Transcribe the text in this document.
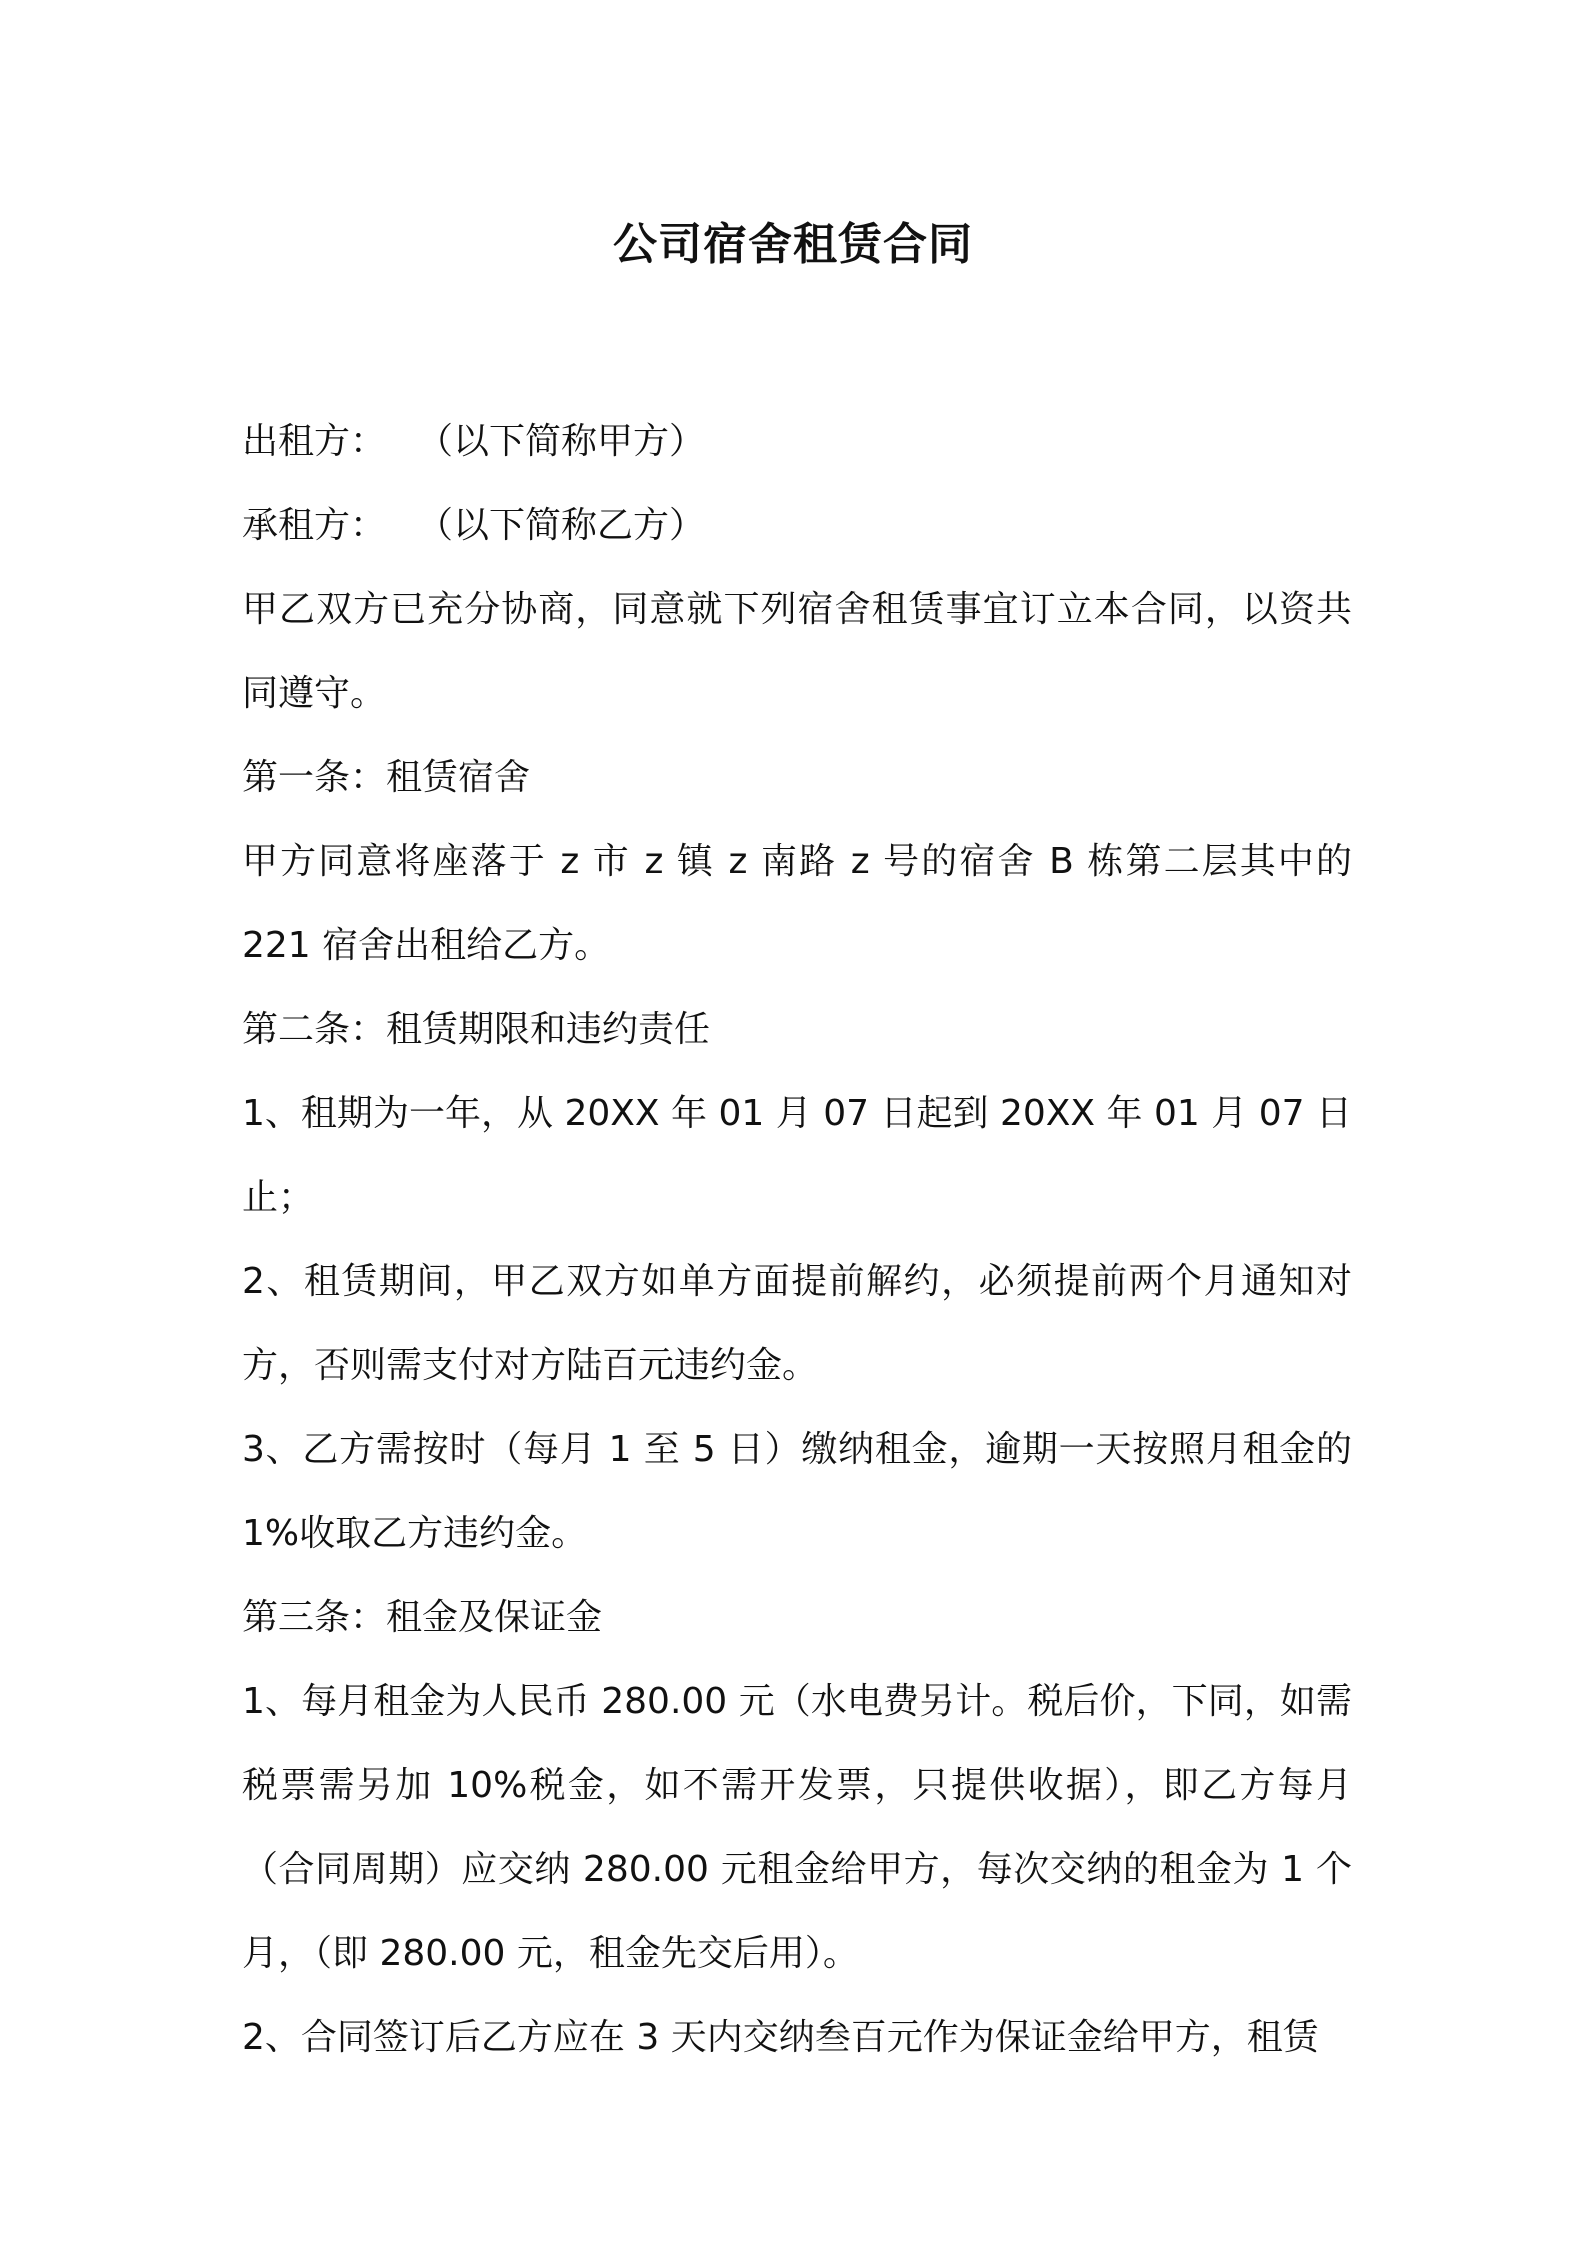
公司宿舍租赁合同

出租方： （以下简称甲方）

承租方： （以下简称乙方）

甲乙双方已充分协商，同意就下列宿舍租赁事宜订立本合同，以资共同遵守。

第一条：租赁宿舍

甲方同意将座落于 z 市 z 镇 z 南路 z 号的宿舍 B 栋第二层其中的 221 宿舍出租给乙方。

第二条：租赁期限和违约责任

1、租期为一年，从 20XX 年 01 月 07 日起到 20XX 年 01 月 07 日止；

2、租赁期间，甲乙双方如单方面提前解约，必须提前两个月通知对方，否则需支付对方陆百元违约金。

3、乙方需按时（每月 1 至 5 日）缴纳租金，逾期一天按照月租金的 1%收取乙方违约金。

第三条：租金及保证金

1、每月租金为人民币 280.00 元（水电费另计。税后价，下同，如需税票需另加 10%税金，如不需开发票，只提供收据），即乙方每月（合同周期）应交纳 280.00 元租金给甲方，每次交纳的租金为 1 个月，（即 280.00 元，租金先交后用）。

2、合同签订后乙方应在 3 天内交纳叁百元作为保证金给甲方，租赁
